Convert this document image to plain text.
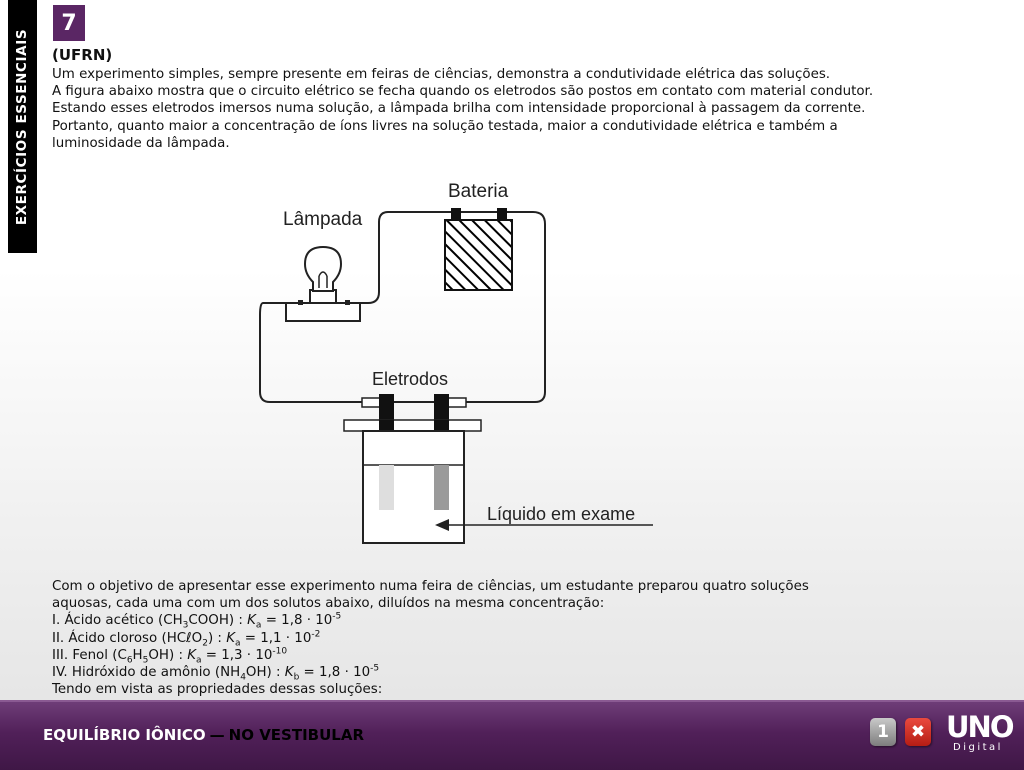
EXERCÍCIOS ESSENCIAIS
7
(UFRN)

Um experimento simples, sempre presente em feiras de ciências, demonstra a condutividade elétrica das soluções.

A figura abaixo mostra que o circuito elétrico se fecha quando os eletrodos são postos em contato com material condutor.

Estando esses eletrodos imersos numa solução, a lâmpada brilha com intensidade proporcional à passagem da corrente.

Portanto, quanto maior a concentração de íons livres na solução testada, maior a condutividade elétrica e também a

luminosidade da lâmpada.

Lâmpada
Bateria
Eletrodos
Líquido em exame

Com o objetivo de apresentar esse experimento numa feira de ciências, um estudante preparou quatro soluções

aquosas, cada uma com um dos solutos abaixo, diluídos na mesma concentração:

I. Ácido acético $(CH_3COOH)$ : $K_a = 1,8 \cdot 10^{-5}$

II. Ácido cloroso (HCℓO$_2$) : $K_a = 1,1 \cdot 10^{-2}$

III. Fenol $(C_6H_5OH)$ : $K_a = 1,3 \cdot 10^{-10}$

IV. Hidróxido de amônio $(NH_4OH)$ : $K_b = 1,8 \cdot 10^{-5}$

Tendo em vista as propriedades dessas soluções:

EQUILÍBRIO IÔNICO — NO VESTIBULAR	1	✖ UNO
Digital
